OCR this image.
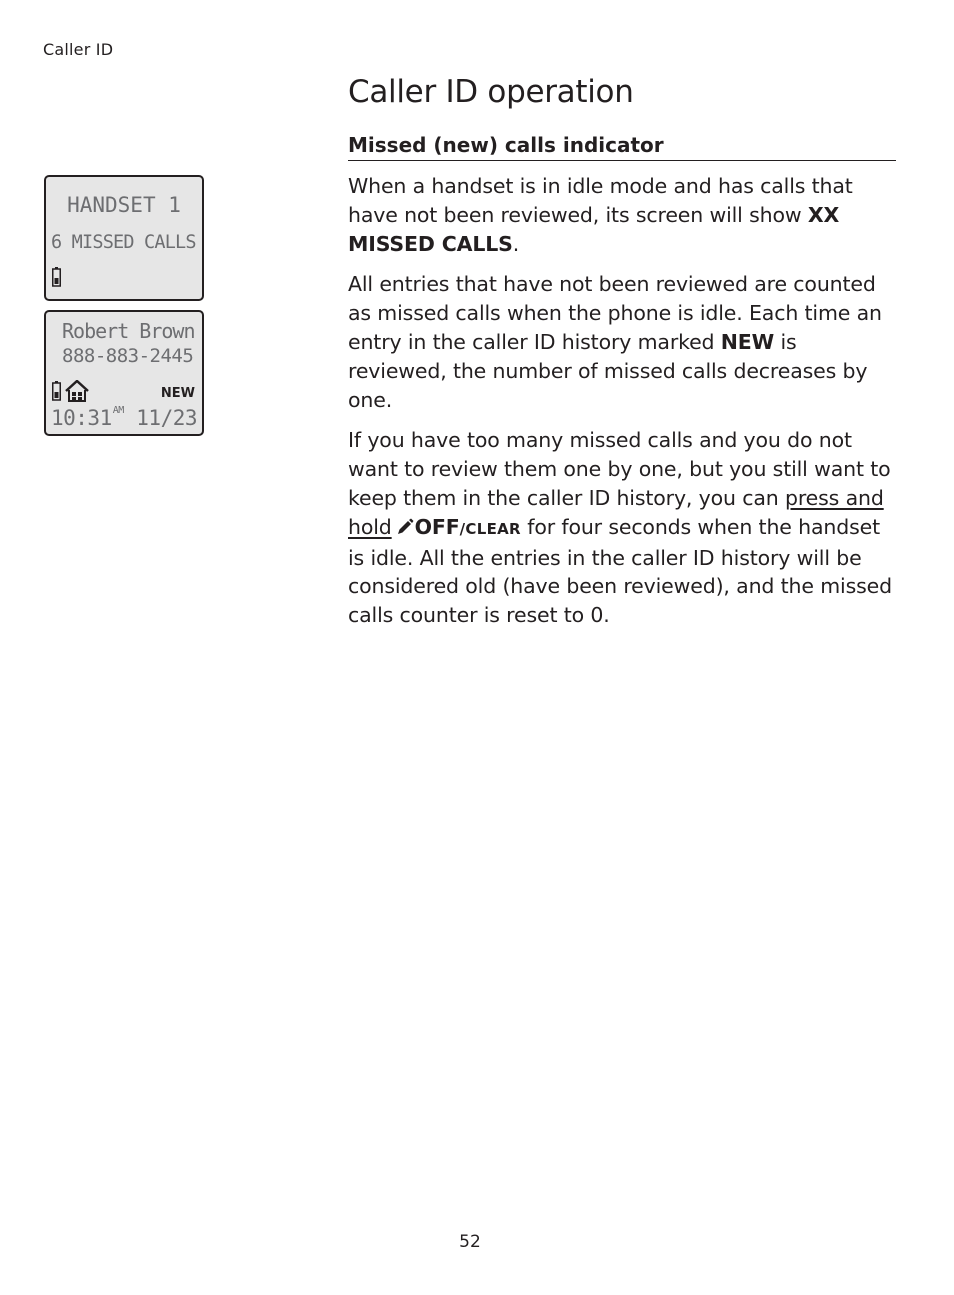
Caller ID
Caller ID operation
Missed (new) calls indicator
HANDSET 1
6 MISSED CALLS
Robert Brown
888-883-2445
NEW
$10:31^{AM}$ 11/23

When a handset is in idle mode and has calls that have not been reviewed, its screen will show XX MISSED CALLS.

All entries that have not been reviewed are counted as missed calls when the phone is idle. Each time an entry in the caller ID history marked NEW is reviewed, the number of missed calls decreases by one.

If you have too many missed calls and you do not want to review them one by one, but you still want to keep them in the caller ID history, you can press and hold OFF/CLEAR for four seconds when the handset is idle. All the entries in the caller ID history will be considered old (have been reviewed), and the missed calls counter is reset to 0.

52
